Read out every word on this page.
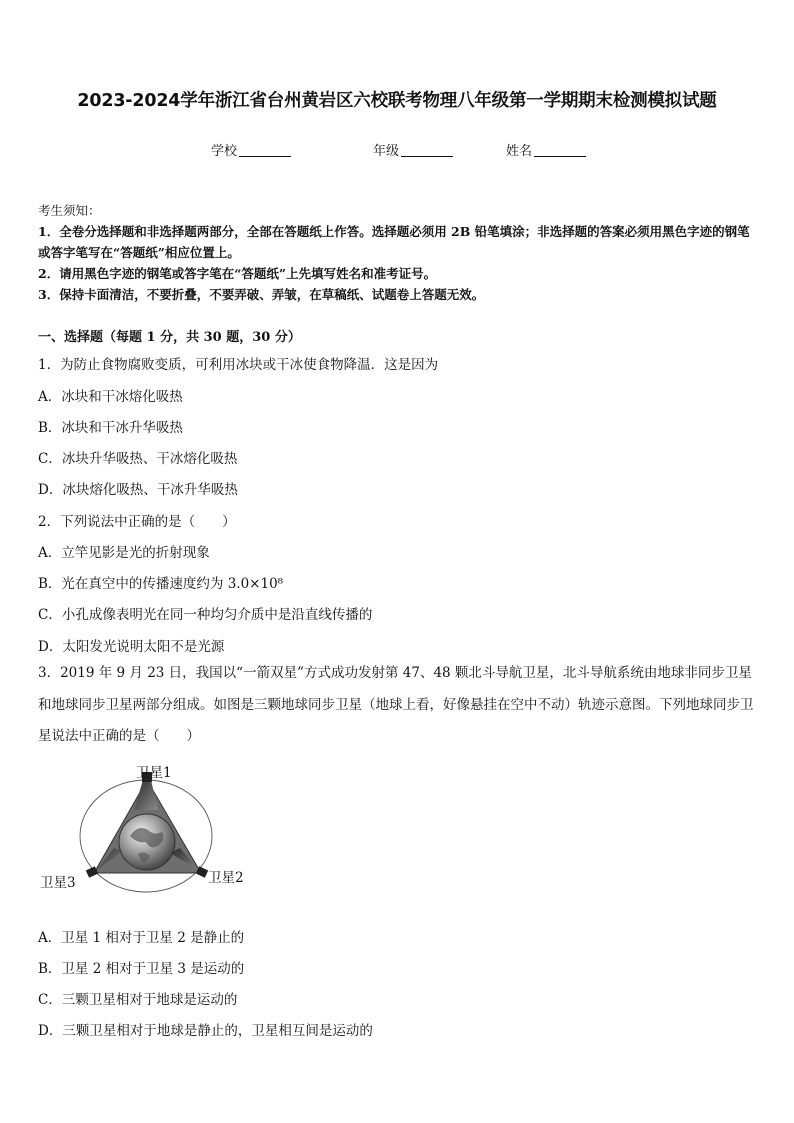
2023-2024学年浙江省台州黄岩区六校联考物理八年级第一学期期末检测模拟试题
学校	年级	姓名
考生须知：
1．全卷分选择题和非选择题两部分，全部在答题纸上作答。选择题必须用 2B 铅笔填涂；非选择题的答案必须用黑色字迹的钢笔或答字笔写在“答题纸”相应位置上。
2．请用黑色字迹的钢笔或答字笔在“答题纸”上先填写姓名和准考证号。
3．保持卡面清洁，不要折叠，不要弄破、弄皱，在草稿纸、试题卷上答题无效。
一、选择题（每题 1 分，共 30 题，30 分）
1．为防止食物腐败变质，可利用冰块或干冰使食物降温．这是因为
A．冰块和干冰熔化吸热
B．冰块和干冰升华吸热
C．冰块升华吸热、干冰熔化吸热
D．冰块熔化吸热、干冰升华吸热
2．下列说法中正确的是（　　）
A．立竿见影是光的折射现象
B．光在真空中的传播速度约为 3.0×10⁸
C．小孔成像表明光在同一种均匀介质中是沿直线传播的
D．太阳发光说明太阳不是光源
3．2019 年 9 月 23 日，我国以“一箭双星”方式成功发射第 47、48 颗北斗导航卫星，北斗导航系统由地球非同步卫星和地球同步卫星两部分组成。如图是三颗地球同步卫星（地球上看，好像悬挂在空中不动）轨迹示意图。下列地球同步卫星说法中正确的是（　　）
卫星1
卫星2
卫星3
A．卫星 1 相对于卫星 2 是静止的
B．卫星 2 相对于卫星 3 是运动的
C．三颗卫星相对于地球是运动的
D．三颗卫星相对于地球是静止的，卫星相互间是运动的
